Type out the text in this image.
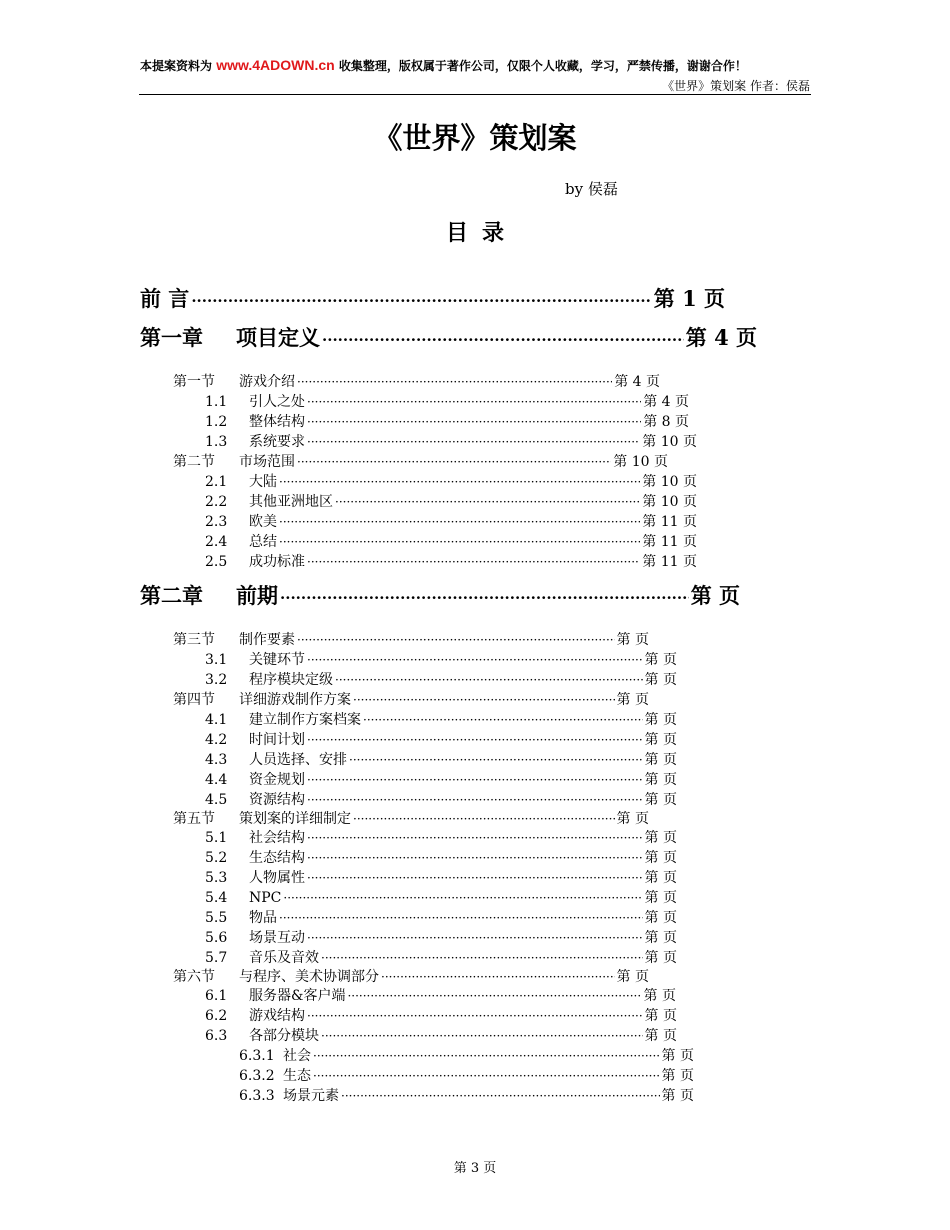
本提案资料为 www.4ADOWN.cn 收集整理，版权属于著作公司，仅限个人收藏，学习，严禁传播，谢谢合作！
《世界》策划案 作者：侯磊
《世界》策划案
by 侯磊
目录
前 言 ·····	第 1 页
第一章	项目定义 ·····	第 4 页
第一节	游戏介绍 ·····	第 4 页
1.1	引人之处 ·····	第 4 页
1.2	整体结构 ·····	第 8 页
1.3	系统要求 ·····	第 10 页
第二节	市场范围 ·····	第 10 页
2.1	大陆 ·····	第 10 页
2.2	其他亚洲地区 ·····	第 10 页
2.3	欧美 ·····	第 11 页
2.4	总结 ·····	第 11 页
2.5	成功标准 ·····	第 11 页
第二章	前期 ·····	第 页
第三节	制作要素 ·····	第 页
3.1	关键环节 ·····	第 页
3.2	程序模块定级 ·····	第 页
第四节	详细游戏制作方案 ·····	第 页
4.1	建立制作方案档案 ·····	第 页
4.2	时间计划 ·····	第 页
4.3	人员选择、安排 ·····	第 页
4.4	资金规划 ·····	第 页
4.5	资源结构 ·····	第 页
第五节	策划案的详细制定 ·····	第 页
5.1	社会结构 ·····	第 页
5.2	生态结构 ·····	第 页
5.3	人物属性 ·····	第 页
5.4	NPC ·····	第 页
5.5	物品 ·····	第 页
5.6	场景互动 ·····	第 页
5.7	音乐及音效 ·····	第 页
第六节	与程序、美术协调部分 ·····	第 页
6.1	服务器&客户端 ·····	第 页
6.2	游戏结构 ·····	第 页
6.3	各部分模块 ·····	第 页
6.3.1 社会 ·····	第 页
6.3.2 生态 ·····	第 页
6.3.3 场景元素 ·····	第 页
第 3 页
